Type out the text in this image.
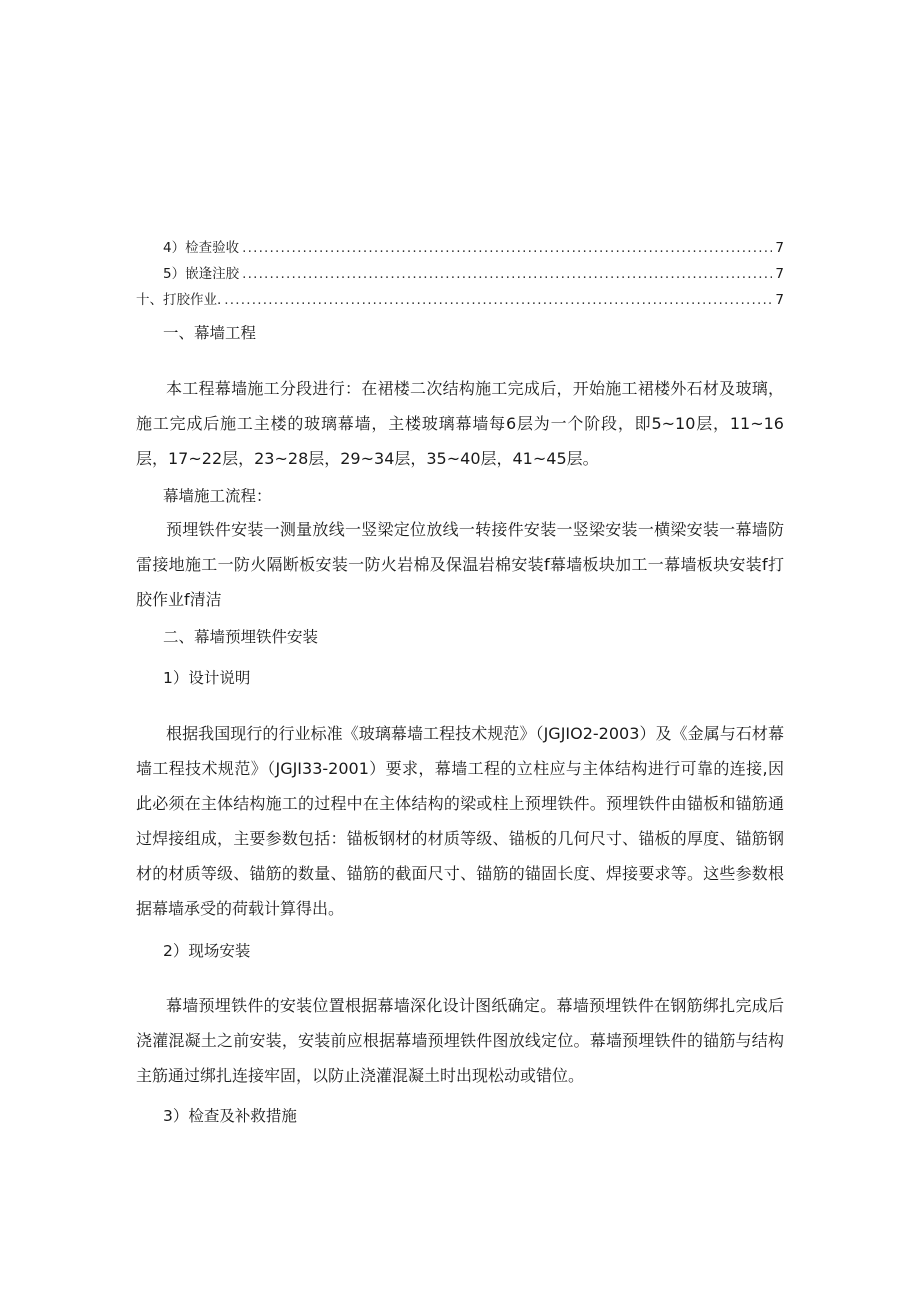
4）检查验收 .....	7
5）嵌逢注胶 .....	7
十、打胶作业. .....	7
一、幕墙工程

本工程幕墙施工分段进行：在裙楼二次结构施工完成后，开始施工裙楼外石材及玻璃，施工完成后施工主楼的玻璃幕墙，主楼玻璃幕墙每6层为一个阶段，即5~10层，11~16层，17~22层，23~28层，29~34层，35~40层，41~45层。

幕墙施工流程：

预埋铁件安装一测量放线一竖梁定位放线一转接件安装一竖梁安装一横梁安装一幕墙防雷接地施工一防火隔断板安装一防火岩棉及保温岩棉安装f幕墙板块加工一幕墙板块安装f打胶作业f清洁

二、幕墙预埋铁件安装
1）设计说明

根据我国现行的行业标准《玻璃幕墙工程技术规范》（JGJIO2-2003）及《金属与石材幕墙工程技术规范》（JGJI33-2001）要求，幕墙工程的立柱应与主体结构进行可靠的连接,因此必须在主体结构施工的过程中在主体结构的梁或柱上预埋铁件。预埋铁件由锚板和锚筋通过焊接组成，主要参数包括：锚板钢材的材质等级、锚板的几何尺寸、锚板的厚度、锚筋钢材的材质等级、锚筋的数量、锚筋的截面尺寸、锚筋的锚固长度、焊接要求等。这些参数根据幕墙承受的荷载计算得出。

2）现场安装

幕墙预埋铁件的安装位置根据幕墙深化设计图纸确定。幕墙预埋铁件在钢筋绑扎完成后浇灌混凝土之前安装，安装前应根据幕墙预埋铁件图放线定位。幕墙预埋铁件的锚筋与结构主筋通过绑扎连接牢固，以防止浇灌混凝土时出现松动或错位。

3）检查及补救措施
